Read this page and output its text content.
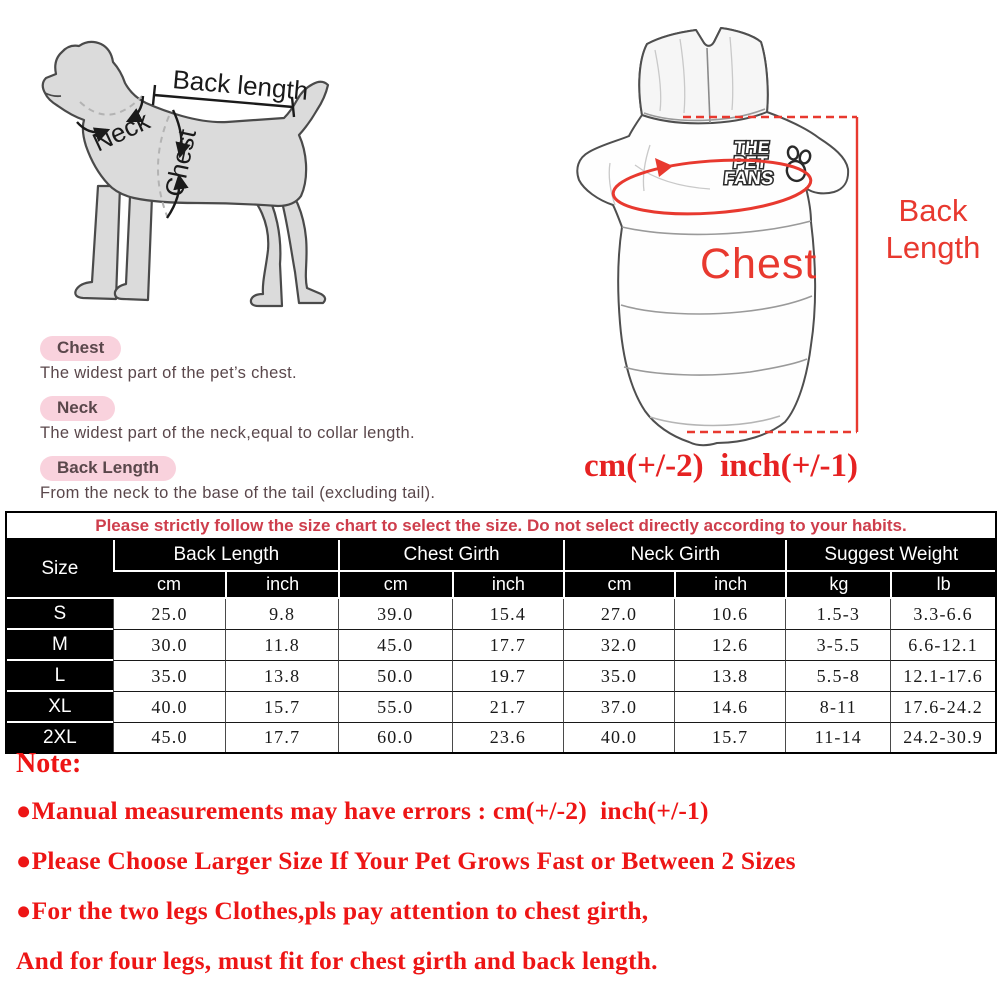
Back length
Neck Chest	THE
PET
FANS
Chest
Back
Length
cm(+/-2)  inch(+/-1)
Chest
The widest part of the pet’s chest.
Neck
The widest part of the neck,equal to collar length.
Back Length
From the neck to the base of the tail (excluding tail).
Please strictly follow the size chart to select the size. Do not select directly according to your habits.
Size	Back Length		Chest Girth		Neck Girth		Suggest Weight	
	cm	inch	cm	inch	cm	inch	kg	lb
S	25.0	9.8	39.0	15.4	27.0	10.6	1.5-3	3.3-6.6
M	30.0	11.8	45.0	17.7	32.0	12.6	3-5.5	6.6-12.1
L	35.0	13.8	50.0	19.7	35.0	13.8	5.5-8	12.1-17.6
XL	40.0	15.7	55.0	21.7	37.0	14.6	8-11	17.6-24.2
2XL	45.0	17.7	60.0	23.6	40.0	15.7	11-14	24.2-30.9
Note:
●Manual measurements may have errors : cm(+/-2)  inch(+/-1)
●Please Choose Larger Size If Your Pet Grows Fast or Between 2 Sizes
●For the two legs Clothes,pls pay attention to chest girth,
And for four legs, must fit for chest girth and back length.
